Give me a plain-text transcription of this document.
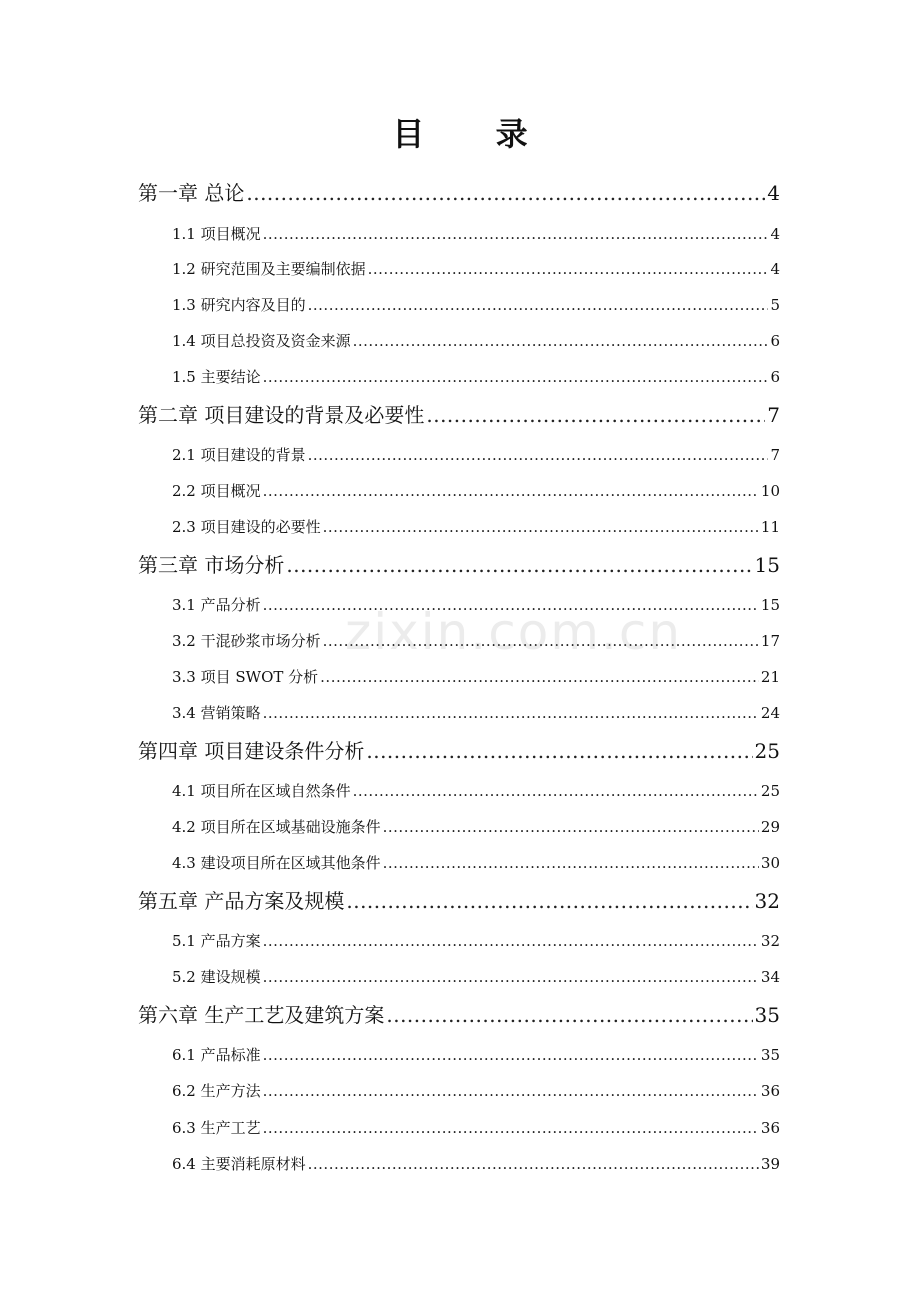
目 录
第一章 总论 .....	4
1.1 项目概况 .....	4
1.2 研究范围及主要编制依据 .....	4
1.3 研究内容及目的 .....	5
1.4 项目总投资及资金来源 .....	6
1.5 主要结论 .....	6
第二章 项目建设的背景及必要性 .....	7
2.1 项目建设的背景 .....	7
2.2 项目概况 .....	10
2.3 项目建设的必要性 .....	11
第三章 市场分析 .....	15
3.1 产品分析 .....	15
3.2 干混砂浆市场分析 .....	17
3.3 项目 SWOT 分析 .....	21
3.4 营销策略 .....	24
第四章 项目建设条件分析 .....	25
4.1 项目所在区域自然条件 .....	25
4.2 项目所在区域基础设施条件 .....	29
4.3 建设项目所在区域其他条件 .....	30
第五章 产品方案及规模 .....	32
5.1 产品方案 .....	32
5.2 建设规模 .....	34
第六章 生产工艺及建筑方案 .....	35
6.1 产品标准 .....	35
6.2 生产方法 .....	36
6.3 生产工艺 .....	36
6.4 主要消耗原材料 .....	39
zixin.com.cn
